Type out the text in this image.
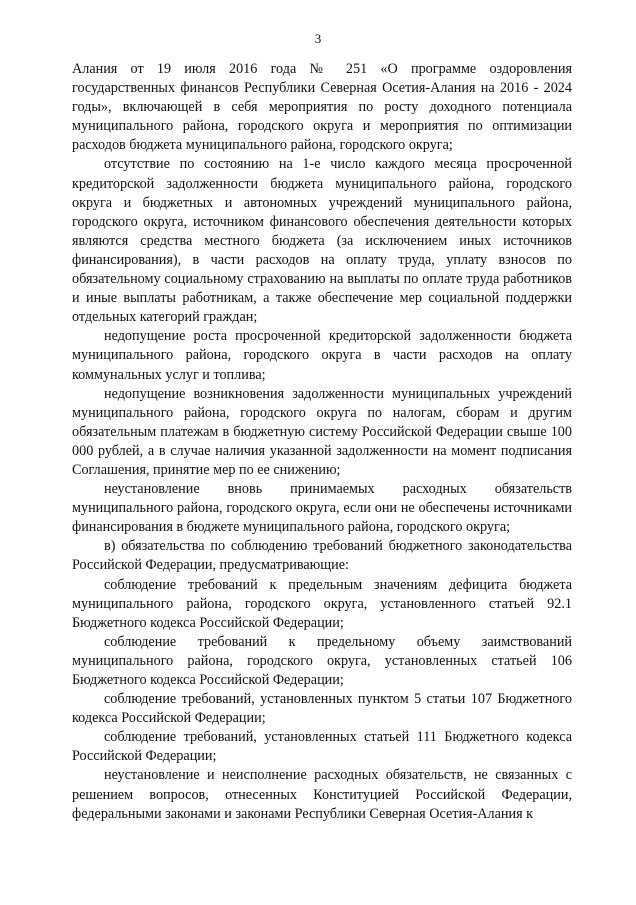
3

Алания от 19 июля 2016 года № 251 «О программе оздоровления государственных финансов Республики Северная Осетия-Алания на 2016 - 2024 годы», включающей в себя мероприятия по росту доходного потенциала муниципального района, городского округа и мероприятия по оптимизации расходов бюджета муниципального района, городского округа;

отсутствие по состоянию на 1-е число каждого месяца просроченной кредиторской задолженности бюджета муниципального района, городского округа и бюджетных и автономных учреждений муниципального района, городского округа, источником финансового обеспечения деятельности которых являются средства местного бюджета (за исключением иных источников финансирования), в части расходов на оплату труда, уплату взносов по обязательному социальному страхованию на выплаты по оплате труда работников и иные выплаты работникам, а также обеспечение мер социальной поддержки отдельных категорий граждан;

недопущение роста просроченной кредиторской задолженности бюджета муниципального района, городского округа в части расходов на оплату коммунальных услуг и топлива;

недопущение возникновения задолженности муниципальных учреждений муниципального района, городского округа по налогам, сборам и другим обязательным платежам в бюджетную систему Российской Федерации свыше 100 000 рублей, а в случае наличия указанной задолженности на момент подписания Соглашения, принятие мер по ее снижению;

неустановление вновь принимаемых расходных обязательств муниципального района, городского округа, если они не обеспечены источниками финансирования в бюджете муниципального района, городского округа;

в) обязательства по соблюдению требований бюджетного законодательства Российской Федерации, предусматривающие:

соблюдение требований к предельным значениям дефицита бюджета муниципального района, городского округа, установленного статьей 92.1 Бюджетного кодекса Российской Федерации;

соблюдение требований к предельному объему заимствований муниципального района, городского округа, установленных статьей 106 Бюджетного кодекса Российской Федерации;

соблюдение требований, установленных пунктом 5 статьи 107 Бюджетного кодекса Российской Федерации;

соблюдение требований, установленных статьей 111 Бюджетного кодекса Российской Федерации;

неустановление и неисполнение расходных обязательств, не связанных с решением вопросов, отнесенных Конституцией Российской Федерации, федеральными законами и законами Республики Северная Осетия-Алания к
